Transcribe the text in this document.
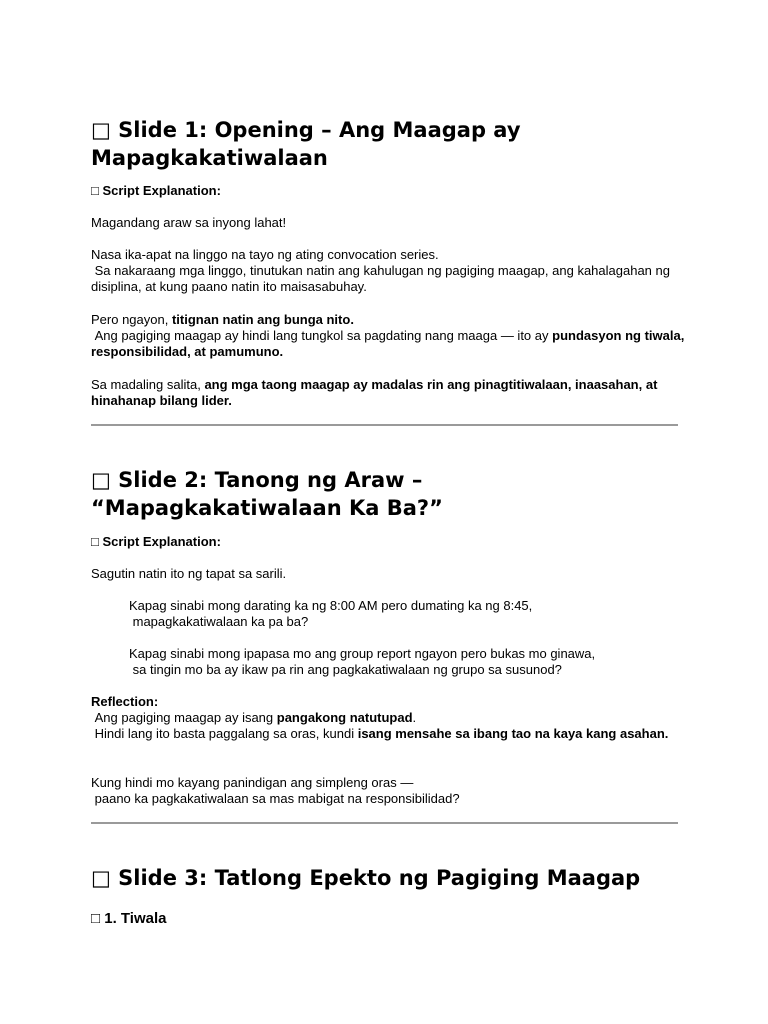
□ Slide 1: Opening – Ang Maagap ay Mapagkakatiwalaan
□ Script Explanation:

Magandang araw sa inyong lahat!

Nasa ika-apat na linggo na tayo ng ating convocation series.

Sa nakaraang mga linggo, tinutukan natin ang kahulugan ng pagiging maagap, ang kahalagahan ng disiplina, at kung paano natin ito maisasabuhay.

Pero ngayon, titignan natin ang bunga nito.
Ang pagiging maagap ay hindi lang tungkol sa pagdating nang maaga — ito ay pundasyon ng tiwala, responsibilidad, at pamumuno.

Sa madaling salita, ang mga taong maagap ay madalas rin ang pinagtitiwalaan, inaasahan, at hinahanap bilang lider.

□ Slide 2: Tanong ng Araw –
“Mapagkakatiwalaan Ka Ba?”
□ Script Explanation:

Sagutin natin ito ng tapat sa sarili.

Kapag sinabi mong darating ka ng 8:00 AM pero dumating ka ng 8:45,

mapagkakatiwalaan ka pa ba?

Kapag sinabi mong ipapasa mo ang group report ngayon pero bukas mo ginawa,

sa tingin mo ba ay ikaw pa rin ang pagkakatiwalaan ng grupo sa susunod?

Reflection:

Ang pagiging maagap ay isang pangakong natutupad.

Hindi lang ito basta paggalang sa oras, kundi isang mensahe sa ibang tao na kaya kang asahan.

Kung hindi mo kayang panindigan ang simpleng oras —

paano ka pagkakatiwalaan sa mas mabigat na responsibilidad?

□ Slide 3: Tatlong Epekto ng Pagiging Maagap
□ 1. Tiwala
